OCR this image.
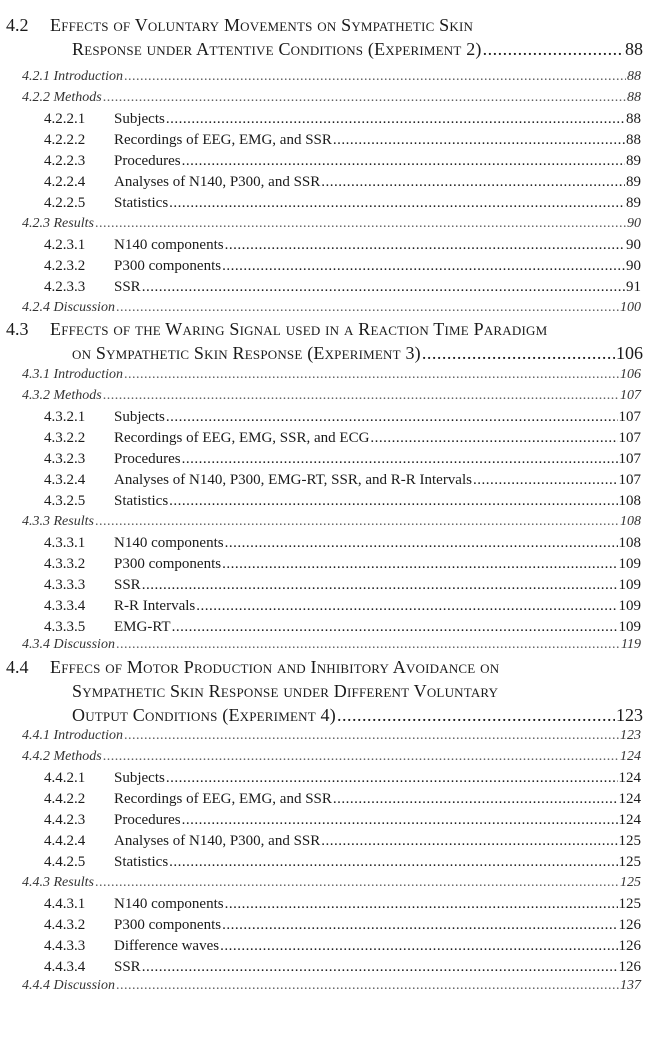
4.2	Effects of Voluntary Movements on Sympathetic Skin
Response under Attentive Conditions (Experiment 2) .....	88
4.2.1 Introduction .....	88
4.2.2 Methods .....	88
4.2.2.1	Subjects .....	88
4.2.2.2	Recordings of EEG, EMG, and SSR .....	88
4.2.2.3	Procedures .....	89
4.2.2.4	Analyses of N140, P300, and SSR .....	89
4.2.2.5	Statistics .....	89
4.2.3 Results .....	90
4.2.3.1	N140 components .....	90
4.2.3.2	P300 components .....	90
4.2.3.3	SSR .....	91
4.2.4 Discussion .....	100
4.3	Effects of the Waring Signal used in a Reaction Time Paradigm
on Sympathetic Skin Response (Experiment 3) .....	106
4.3.1 Introduction .....	106
4.3.2 Methods .....	107
4.3.2.1	Subjects .....	107
4.3.2.2	Recordings of EEG, EMG, SSR, and ECG .....	107
4.3.2.3	Procedures .....	107
4.3.2.4	Analyses of N140, P300, EMG-RT, SSR, and R-R Intervals .....	107
4.3.2.5	Statistics .....	108
4.3.3 Results .....	108
4.3.3.1	N140 components .....	108
4.3.3.2	P300 components .....	109
4.3.3.3	SSR .....	109
4.3.3.4	R-R Intervals .....	109
4.3.3.5	EMG-RT .....	109
4.3.4 Discussion .....	119
4.4	Effecs of Motor Production and Inhibitory Avoidance on
Sympathetic Skin Response under Different Voluntary
Output Conditions (Experiment 4) .....	123
4.4.1 Introduction .....	123
4.4.2 Methods .....	124
4.4.2.1	Subjects .....	124
4.4.2.2	Recordings of EEG, EMG, and SSR .....	124
4.4.2.3	Procedures .....	124
4.4.2.4	Analyses of N140, P300, and SSR .....	125
4.4.2.5	Statistics .....	125
4.4.3 Results .....	125
4.4.3.1	N140 components .....	125
4.4.3.2	P300 components .....	126
4.4.3.3	Difference waves .....	126
4.4.3.4	SSR .....	126
4.4.4 Discussion .....	137
